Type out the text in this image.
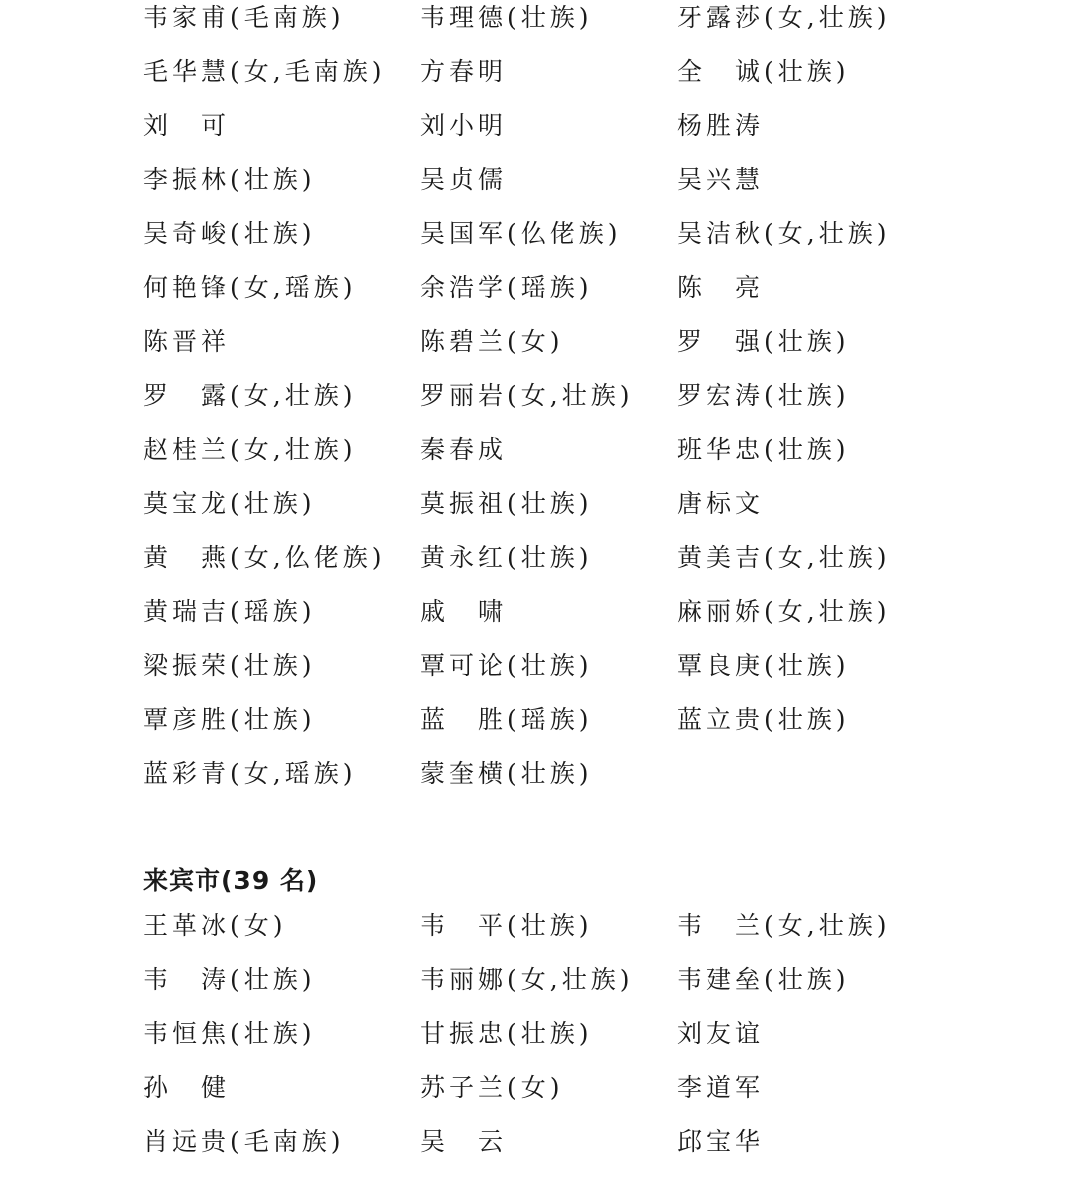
韦家甫(毛南族)	韦理德(壮族)	牙露莎(女,壮族)
毛华慧(女,毛南族) 方春明	全　诚(壮族)
刘　可	刘小明	杨胜涛
李振林(壮族)	吴贞儒	吴兴慧
吴奇峻(壮族)	吴国军(仫佬族) 吴洁秋(女,壮族)
何艳锋(女,瑶族)	余浩学(瑶族)	陈　亮
陈晋祥	陈碧兰(女)	罗　强(壮族)
罗　露(女,壮族)	罗丽岩(女,壮族) 罗宏涛(壮族)
赵桂兰(女,壮族)	秦春成	班华忠(壮族)
莫宝龙(壮族)	莫振祖(壮族)	唐标文
黄　燕(女,仫佬族) 黄永红(壮族)	黄美吉(女,壮族)
黄瑞吉(瑶族)	戚　啸	麻丽娇(女,壮族)
梁振荣(壮族)	覃可论(壮族)	覃良庚(壮族)
覃彦胜(壮族)	蓝　胜(瑶族)	蓝立贵(壮族)
蓝彩青(女,瑶族)	蒙奎横(壮族)
来宾市(39 名)
王革冰(女)	韦　平(壮族)	韦　兰(女,壮族)
韦　涛(壮族)	韦丽娜(女,壮族) 韦建垒(壮族)
韦恒焦(壮族)	甘振忠(壮族)	刘友谊
孙　健	苏子兰(女)	李道军
肖远贵(毛南族)	吴　云	邱宝华
